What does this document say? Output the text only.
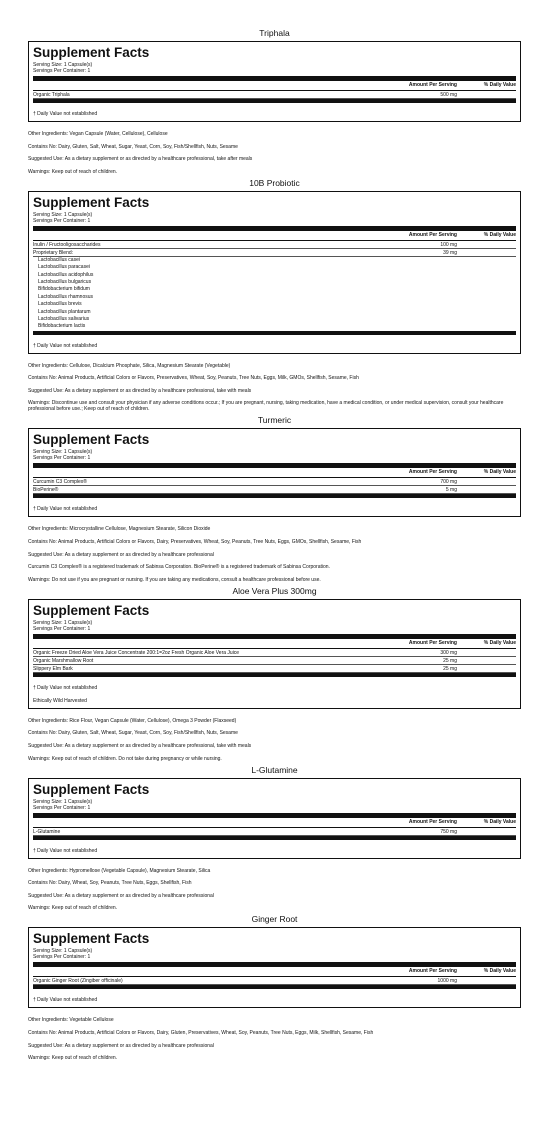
Triphala
Supplement Facts
Serving Size: 1 Capsule(s)
Servings Per Container: 1
Amount Per Serving	% Daily Value
Organic Triphala	500 mg
† Daily Value not established

Other Ingredients: Vegan Capsule (Water, Cellulose), Cellulose

Contains No: Dairy, Gluten, Salt, Wheat, Sugar, Yeast, Corn, Soy, Fish/Shellfish, Nuts, Sesame

Suggested Use: As a dietary supplement or as directed by a healthcare professional, take after meals

Warnings: Keep out of reach of children.

10B Probiotic
Supplement Facts
Serving Size: 1 Capsule(s)
Servings Per Container: 1
Amount Per Serving	% Daily Value
Inulin / Fructooligosaccharides	100 mg
Proprietary Blend:	39 mg
Lactobacillus casei
Lactobacillus paracasei
Lactobacillus acidophilus
Lactobacillus bulgaricus
Bifidobacterium bifidum
Lactobacillus rhamnosus
Lactobacillus brevis
Lactobacillus plantarum
Lactobacillus salivarius
Bifidobacterium lactis
† Daily Value not established

Other Ingredients: Cellulose, Dicalcium Phosphate, Silica, Magnesium Stearate (Vegetable)

Contains No: Animal Products, Artificial Colors or Flavors, Preservatives, Wheat, Soy, Peanuts, Tree Nuts, Eggs, Milk, GMOs, Shellfish, Sesame, Fish

Suggested Use: As a dietary supplement or as directed by a healthcare professional, take with meals

Warnings: Discontinue use and consult your physician if any adverse conditions occur.; If you are pregnant, nursing, taking medication, have a medical condition, or under medical supervision, consult your healthcare professional before use.; Keep out of reach of children.

Turmeric
Supplement Facts
Serving Size: 1 Capsule(s)
Servings Per Container: 1
Amount Per Serving	% Daily Value
Curcumin C3 Complex®	700 mg
BioPerine®	5 mg
† Daily Value not established

Other Ingredients: Microcrystalline Cellulose, Magnesium Stearate, Silicon Dioxide

Contains No: Animal Products, Artificial Colors or Flavors, Dairy, Preservatives, Wheat, Soy, Peanuts, Tree Nuts, Eggs, GMOs, Shellfish, Sesame, Fish

Suggested Use: As a dietary supplement or as directed by a healthcare professional

Curcumin C3 Complex® is a registered trademark of Sabinsa Corporation. BioPerine® is a registered trademark of Sabinsa Corporation.

Warnings: Do not use if you are pregnant or nursing. If you are taking any medications, consult a healthcare professional before use.

Aloe Vera Plus 300mg
Supplement Facts
Serving Size: 1 Capsule(s)
Servings Per Container: 1
Amount Per Serving	% Daily Value
Organic Freeze Dried Aloe Vera Juice Concentrate 200:1=2oz Fresh Organic Aloe Vera Juice	300 mg
Organic Marshmallow Root	25 mg
Slippery Elm Bark	25 mg
† Daily Value not established
Ethically Wild Harvested

Other Ingredients: Rice Flour, Vegan Capsule (Water, Cellulose), Omega 3 Powder (Flaxseed)

Contains No: Dairy, Gluten, Salt, Wheat, Sugar, Yeast, Corn, Soy, Fish/Shellfish, Nuts, Sesame

Suggested Use: As a dietary supplement or as directed by a healthcare professional, take with meals

Warnings: Keep out of reach of children. Do not take during pregnancy or while nursing.

L-Glutamine
Supplement Facts
Serving Size: 1 Capsule(s)
Servings Per Container: 1
Amount Per Serving	% Daily Value
L-Glutamine	750 mg
† Daily Value not established

Other Ingredients: Hypromellose (Vegetable Capsule), Magnesium Stearate, Silica

Contains No: Dairy, Wheat, Soy, Peanuts, Tree Nuts, Eggs, Shellfish, Fish

Suggested Use: As a dietary supplement or as directed by a healthcare professional

Warnings: Keep out of reach of children.

Ginger Root
Supplement Facts
Serving Size: 1 Capsule(s)
Servings Per Container: 1
Amount Per Serving	% Daily Value
Organic Ginger Root (Zingiber officinale)	1000 mg
† Daily Value not established

Other Ingredients: Vegetable Cellulose

Contains No: Animal Products, Artificial Colors or Flavors, Dairy, Gluten, Preservatives, Wheat, Soy, Peanuts, Tree Nuts, Eggs, Milk, Shellfish, Sesame, Fish

Suggested Use: As a dietary supplement or as directed by a healthcare professional

Warnings: Keep out of reach of children.
